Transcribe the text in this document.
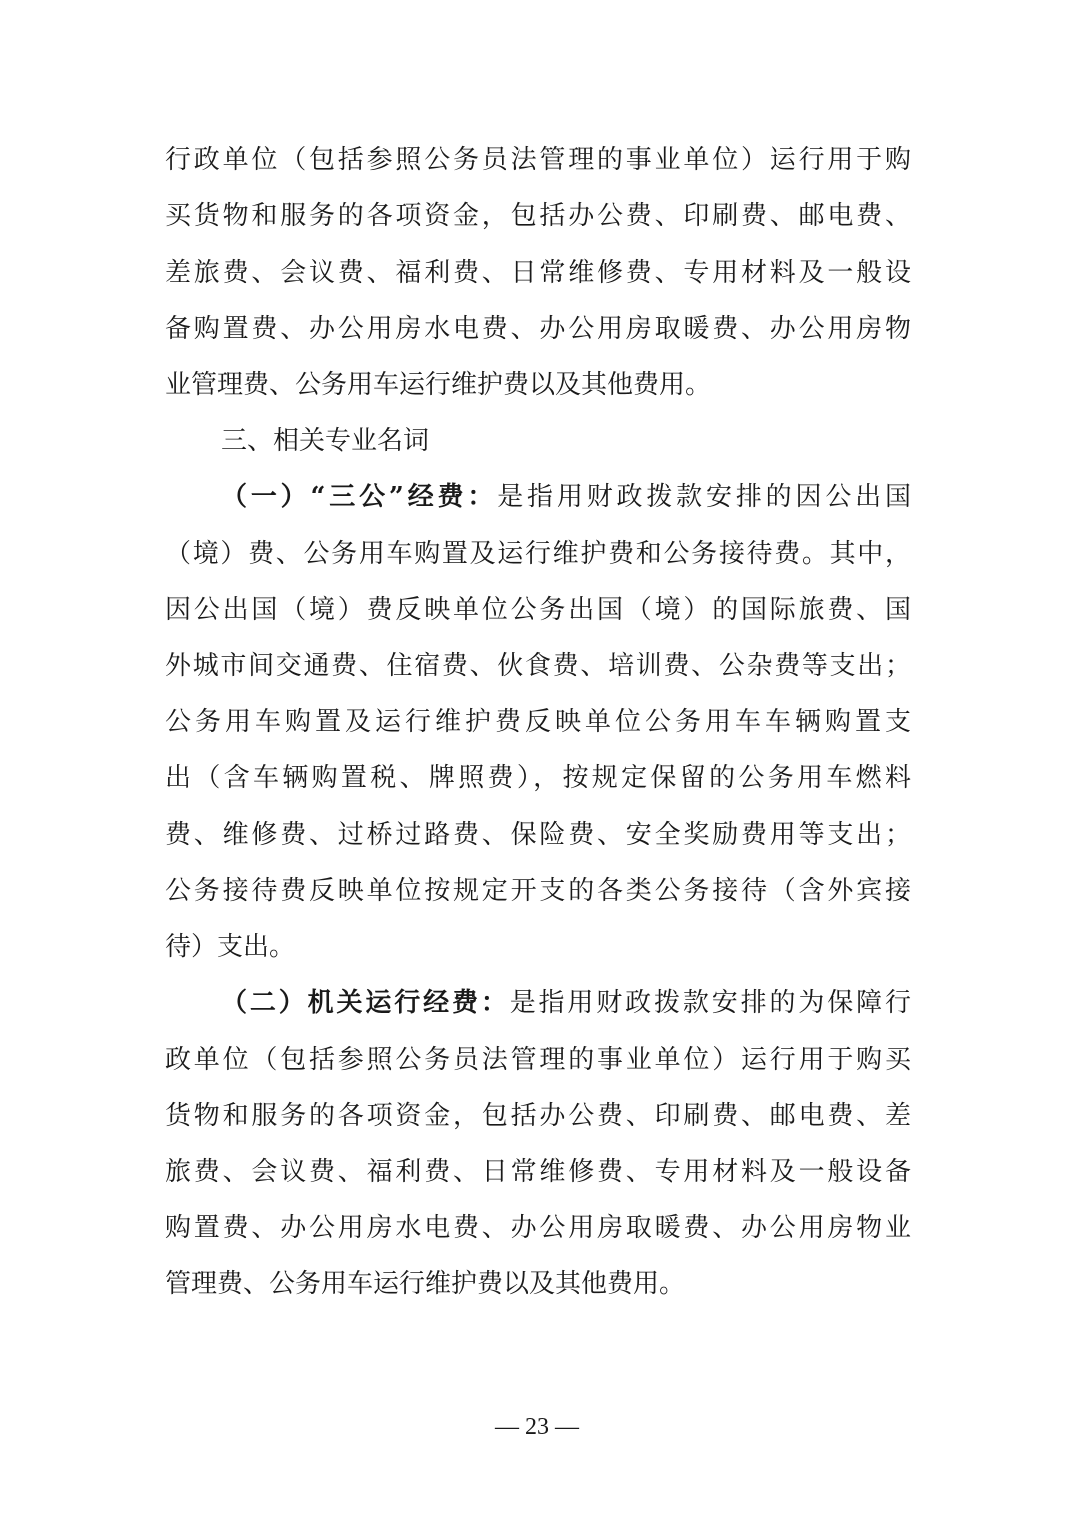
行政单位（包括参照公务员法管理的事业单位）运行用于购
买货物和服务的各项资金，包括办公费、印刷费、邮电费、
差旅费、会议费、福利费、日常维修费、专用材料及一般设
备购置费、办公用房水电费、办公用房取暖费、办公用房物
业管理费、公务用车运行维护费以及其他费用。
三、相关专业名词
（一）“三公”经费：是指用财政拨款安排的因公出国
（境）费、公务用车购置及运行维护费和公务接待费。其中，
因公出国（境）费反映单位公务出国（境）的国际旅费、国
外城市间交通费、住宿费、伙食费、培训费、公杂费等支出；
公务用车购置及运行维护费反映单位公务用车车辆购置支
出（含车辆购置税、牌照费），按规定保留的公务用车燃料
费、维修费、过桥过路费、保险费、安全奖励费用等支出；
公务接待费反映单位按规定开支的各类公务接待（含外宾接
待）支出。
（二）机关运行经费：是指用财政拨款安排的为保障行
政单位（包括参照公务员法管理的事业单位）运行用于购买
货物和服务的各项资金，包括办公费、印刷费、邮电费、差
旅费、会议费、福利费、日常维修费、专用材料及一般设备
购置费、办公用房水电费、办公用房取暖费、办公用房物业
管理费、公务用车运行维护费以及其他费用。
— 23 —
